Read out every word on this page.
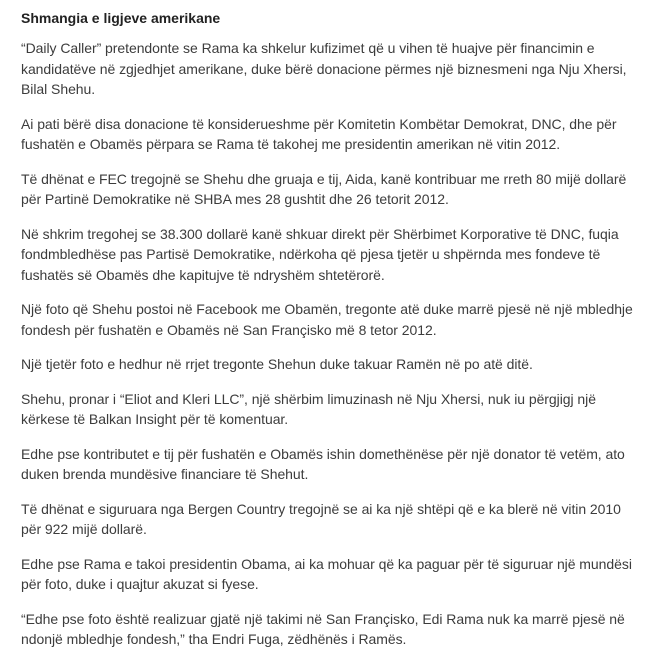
Shmangia e ligjeve amerikane

“Daily Caller” pretendonte se Rama ka shkelur kufizimet që u vihen të huajve për financimin e kandidatëve në zgjedhjet amerikane, duke bërë donacione përmes një biznesmeni nga Nju Xhersi, Bilal Shehu.

Ai pati bërë disa donacione të konsiderueshme për Komitetin Kombëtar Demokrat, DNC, dhe për fushatën e Obamës përpara se Rama të takohej me presidentin amerikan në vitin 2012.

Të dhënat e FEC tregojnë se Shehu dhe gruaja e tij, Aida, kanë kontribuar me rreth 80 mijë dollarë për Partinë Demokratike në SHBA mes 28 gushtit dhe 26 tetorit 2012.

Në shkrim tregohej se 38.300 dollarë kanë shkuar direkt për Shërbimet Korporative të DNC, fuqia fondmbledhëse pas Partisë Demokratike, ndërkoha që pjesa tjetër u shpërnda mes fondeve të fushatës së Obamës dhe kapitujve të ndryshëm shtetërorë.

Një foto që Shehu postoi në Facebook me Obamën, tregonte atë duke marrë pjesë në një mbledhje fondesh për fushatën e Obamës në San Françisko më 8 tetor 2012.

Një tjetër foto e hedhur në rrjet tregonte Shehun duke takuar Ramën në po atë ditë.

Shehu, pronar i “Eliot and Kleri LLC”, një shërbim limuzinash në Nju Xhersi, nuk iu përgjigj një kërkese të Balkan Insight për të komentuar.

Edhe pse kontributet e tij për fushatën e Obamës ishin domethënëse për një donator të vetëm, ato duken brenda mundësive financiare të Shehut.

Të dhënat e siguruara nga Bergen Country tregojnë se ai ka një shtëpi që e ka blerë në vitin 2010 për 922 mijë dollarë.

Edhe pse Rama e takoi presidentin Obama, ai ka mohuar që ka paguar për të siguruar një mundësi për foto, duke i quajtur akuzat si fyese.

“Edhe pse foto është realizuar gjatë një takimi në San Françisko, Edi Rama nuk ka marrë pjesë në ndonjë mbledhje fondesh,” tha Endri Fuga, zëdhënës i Ramës.
